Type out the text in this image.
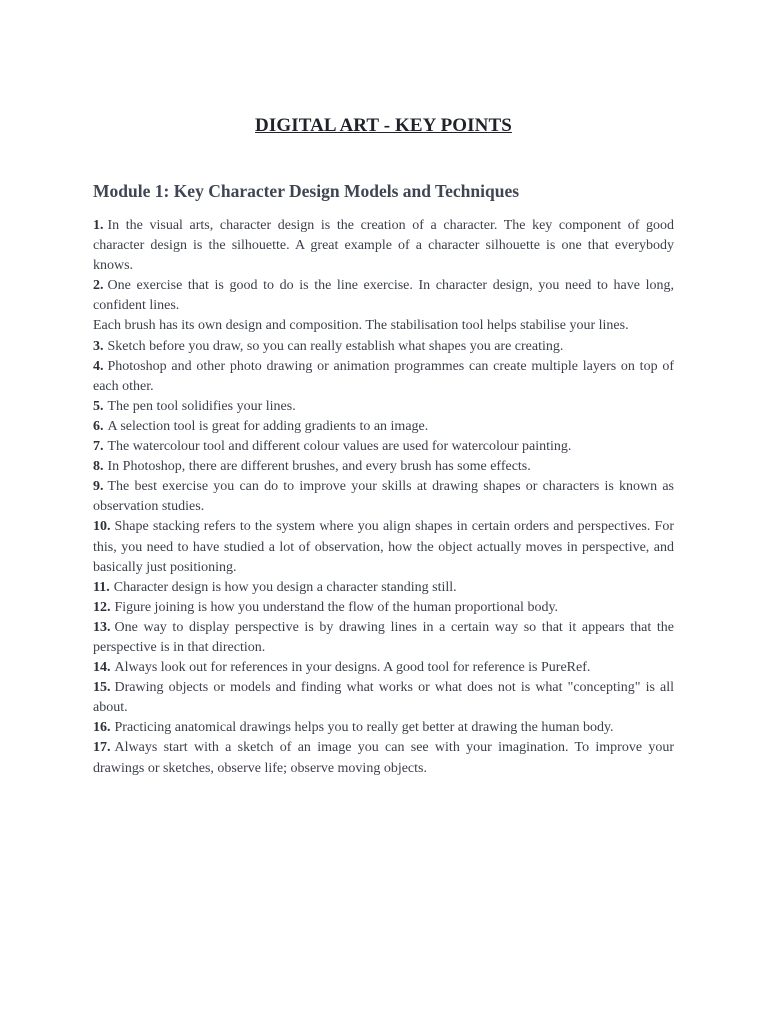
DIGITAL ART - KEY POINTS
Module 1: Key Character Design Models and Techniques
1. In the visual arts, character design is the creation of a character. The key component of good character design is the silhouette. A great example of a character silhouette is one that everybody knows.
2. One exercise that is good to do is the line exercise. In character design, you need to have long, confident lines.
Each brush has its own design and composition. The stabilisation tool helps stabilise your lines.
3. Sketch before you draw, so you can really establish what shapes you are creating.
4. Photoshop and other photo drawing or animation programmes can create multiple layers on top of each other.
5. The pen tool solidifies your lines.
6. A selection tool is great for adding gradients to an image.
7. The watercolour tool and different colour values are used for watercolour painting.
8. In Photoshop, there are different brushes, and every brush has some effects.
9. The best exercise you can do to improve your skills at drawing shapes or characters is known as observation studies.
10. Shape stacking refers to the system where you align shapes in certain orders and perspectives. For this, you need to have studied a lot of observation, how the object actually moves in perspective, and basically just positioning.
11. Character design is how you design a character standing still.
12. Figure joining is how you understand the flow of the human proportional body.
13. One way to display perspective is by drawing lines in a certain way so that it appears that the perspective is in that direction.
14. Always look out for references in your designs. A good tool for reference is PureRef.
15. Drawing objects or models and finding what works or what does not is what "concepting" is all about.
16. Practicing anatomical drawings helps you to really get better at drawing the human body.
17. Always start with a sketch of an image you can see with your imagination. To improve your drawings or sketches, observe life; observe moving objects.
